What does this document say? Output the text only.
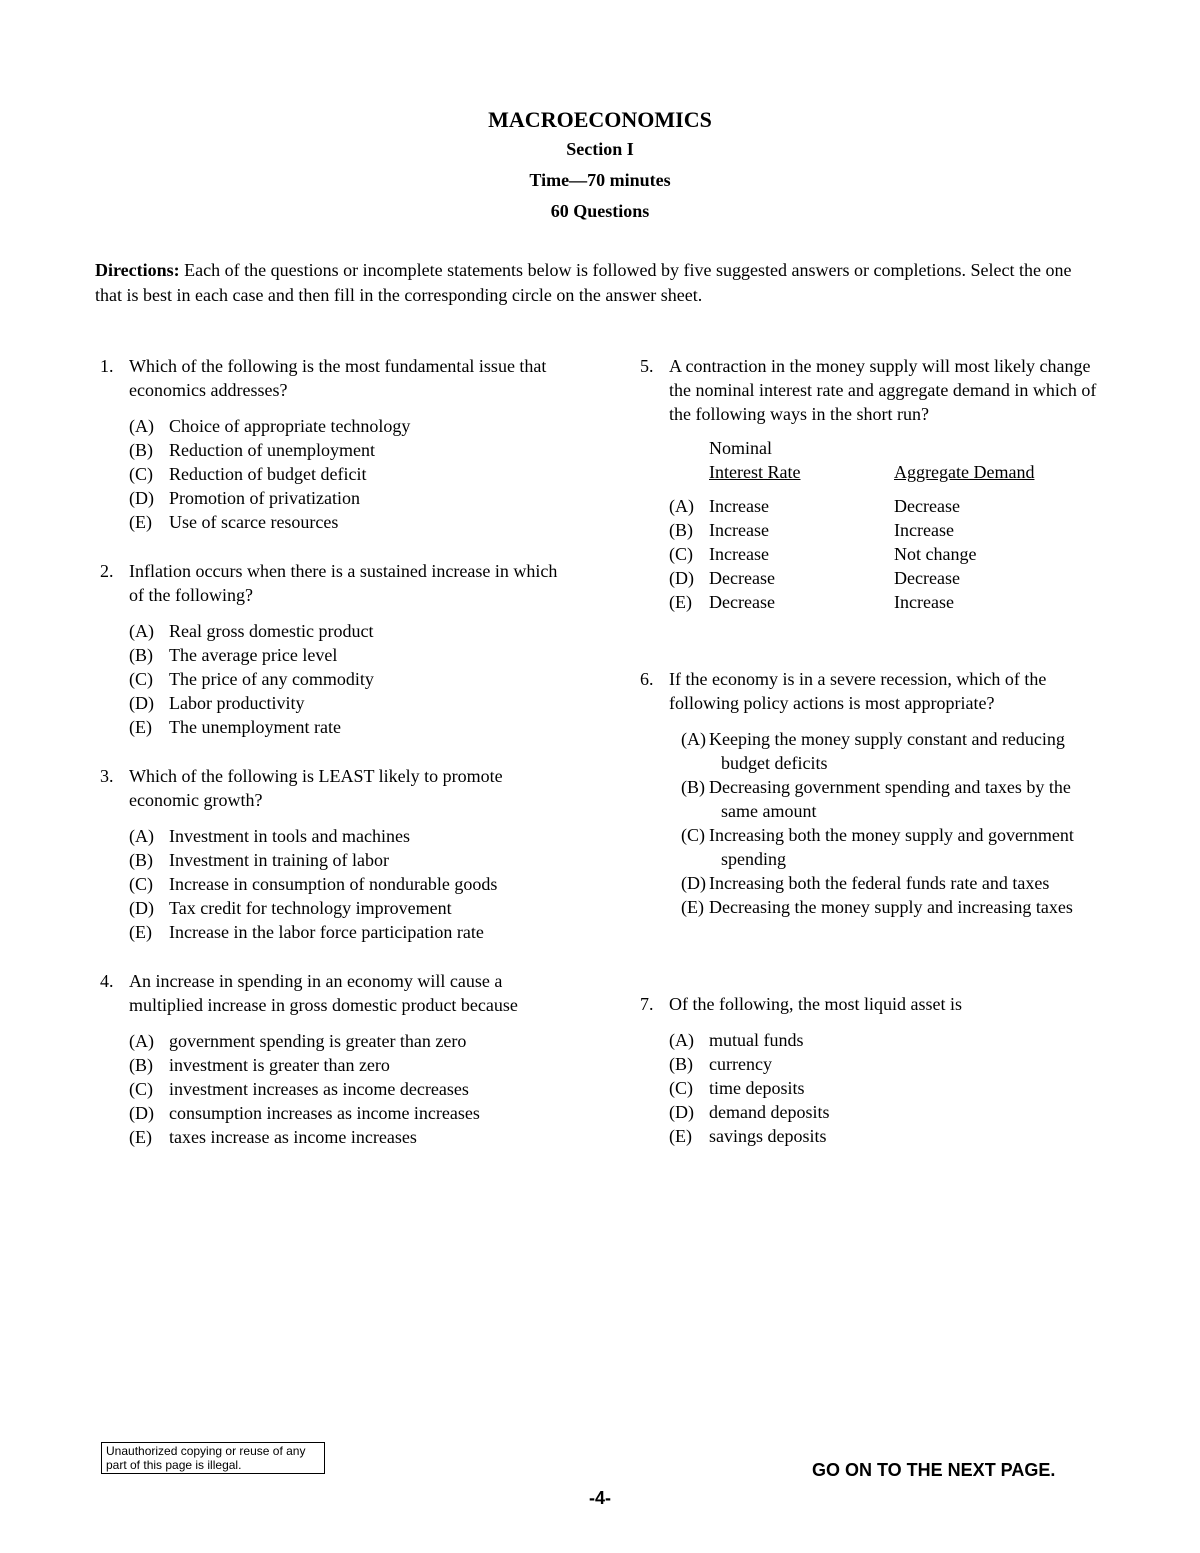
MACROECONOMICS
Section I
Time—70 minutes
60 Questions
Directions: Each of the questions or incomplete statements below is followed by five suggested answers or completions. Select the one that is best in each case and then fill in the corresponding circle on the answer sheet.
1. Which of the following is the most fundamental issue that economics addresses?
(A) Choice of appropriate technology
(B) Reduction of unemployment
(C) Reduction of budget deficit
(D) Promotion of privatization
(E) Use of scarce resources
2. Inflation occurs when there is a sustained increase in which of the following?
(A) Real gross domestic product
(B) The average price level
(C) The price of any commodity
(D) Labor productivity
(E) The unemployment rate
3. Which of the following is LEAST likely to promote economic growth?
(A) Investment in tools and machines
(B) Investment in training of labor
(C) Increase in consumption of nondurable goods
(D) Tax credit for technology improvement
(E) Increase in the labor force participation rate
4. An increase in spending in an economy will cause a multiplied increase in gross domestic product because
(A) government spending is greater than zero
(B) investment is greater than zero
(C) investment increases as income decreases
(D) consumption increases as income increases
(E) taxes increase as income increases
5. A contraction in the money supply will most likely change the nominal interest rate and aggregate demand in which of the following ways in the short run?
Nominal
Interest Rate	Aggregate Demand
(A) Increase	Decrease
(B) Increase	Increase
(C) Increase	Not change
(D) Decrease	Decrease
(E) Decrease	Increase
6. If the economy is in a severe recession, which of the following policy actions is most appropriate?
(A) Keeping the money supply constant and reducing budget deficits
(B) Decreasing government spending and taxes by the same amount
(C) Increasing both the money supply and government spending
(D) Increasing both the federal funds rate and taxes
(E) Decreasing the money supply and increasing taxes
7. Of the following, the most liquid asset is
(A) mutual funds
(B) currency
(C) time deposits
(D) demand deposits
(E) savings deposits
Unauthorized copying or reuse of any part of this page is illegal.	GO ON TO THE NEXT PAGE.
-4-
